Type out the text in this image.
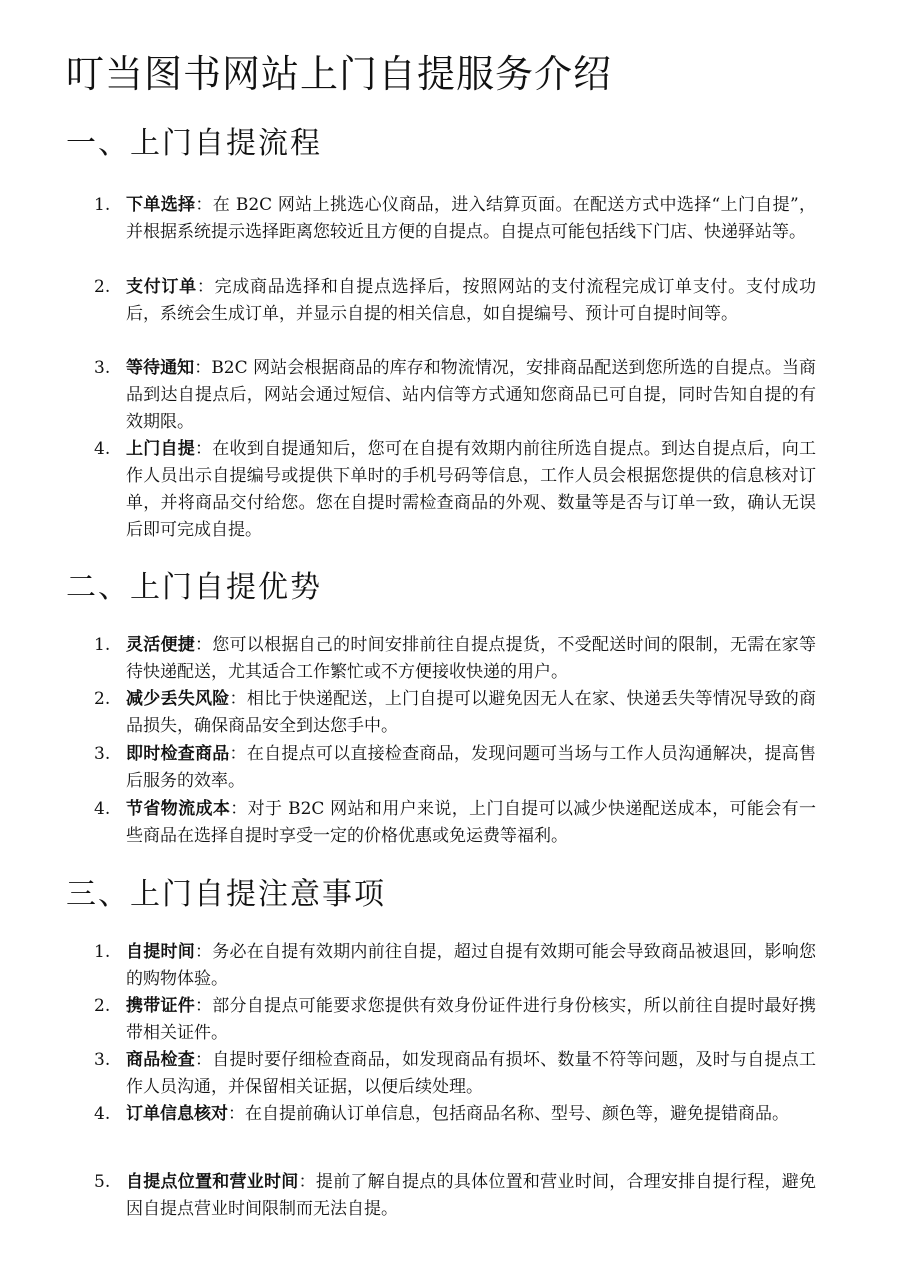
叮当图书网站上门自提服务介绍
一、上门自提流程
1. 下单选择：在 B2C 网站上挑选心仪商品，进入结算页面。在配送方式中选择“上门自提”，并根据系统提示选择距离您较近且方便的自提点。自提点可能包括线下门店、快递驿站等。

2. 支付订单：完成商品选择和自提点选择后，按照网站的支付流程完成订单支付。支付成功后，系统会生成订单，并显示自提的相关信息，如自提编号、预计可自提时间等。

3. 等待通知：B2C 网站会根据商品的库存和物流情况，安排商品配送到您所选的自提点。当商品到达自提点后，网站会通过短信、站内信等方式通知您商品已可自提，同时告知自提的有效期限。

4. 上门自提：在收到自提通知后，您可在自提有效期内前往所选自提点。到达自提点后，向工作人员出示自提编号或提供下单时的手机号码等信息，工作人员会根据您提供的信息核对订单，并将商品交付给您。您在自提时需检查商品的外观、数量等是否与订单一致，确认无误后即可完成自提。

二、上门自提优势
1. 灵活便捷：您可以根据自己的时间安排前往自提点提货，不受配送时间的限制，无需在家等待快递配送，尤其适合工作繁忙或不方便接收快递的用户。

2. 减少丢失风险：相比于快递配送，上门自提可以避免因无人在家、快递丢失等情况导致的商品损失，确保商品安全到达您手中。

3. 即时检查商品：在自提点可以直接检查商品，发现问题可当场与工作人员沟通解决，提高售后服务的效率。

4. 节省物流成本：对于 B2C 网站和用户来说，上门自提可以减少快递配送成本，可能会有一些商品在选择自提时享受一定的价格优惠或免运费等福利。

三、上门自提注意事项
1. 自提时间：务必在自提有效期内前往自提，超过自提有效期可能会导致商品被退回，影响您的购物体验。

2. 携带证件：部分自提点可能要求您提供有效身份证件进行身份核实，所以前往自提时最好携带相关证件。

3. 商品检查：自提时要仔细检查商品，如发现商品有损坏、数量不符等问题，及时与自提点工作人员沟通，并保留相关证据，以便后续处理。

4. 订单信息核对：在自提前确认订单信息，包括商品名称、型号、颜色等，避免提错商品。

5. 自提点位置和营业时间：提前了解自提点的具体位置和营业时间，合理安排自提行程，避免因自提点营业时间限制而无法自提。
